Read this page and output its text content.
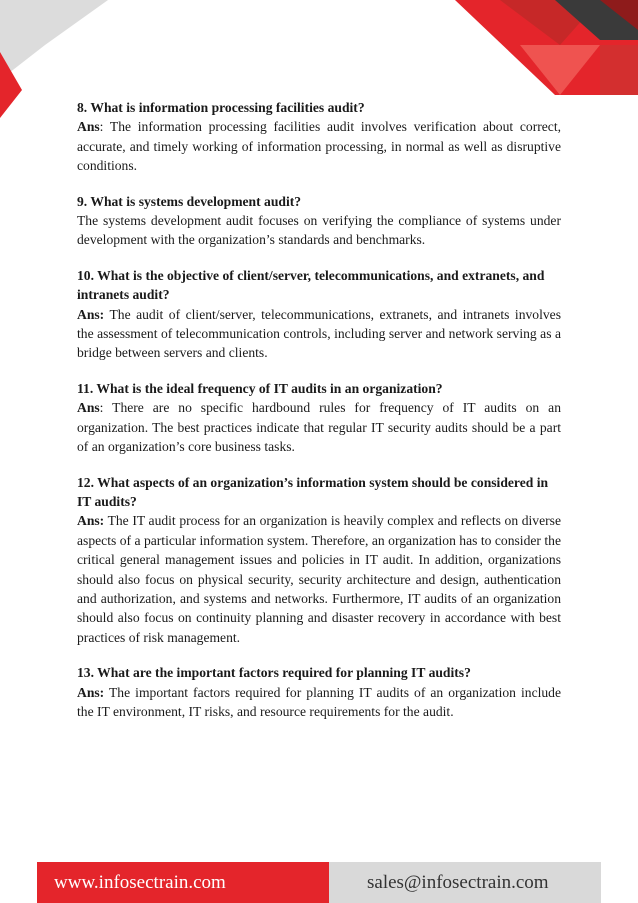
8. What is information processing facilities audit?

Ans: The information processing facilities audit involves verification about correct, accurate, and timely working of information processing, in normal as well as disruptive conditions.

9. What is systems development audit?

The systems development audit focuses on verifying the compliance of systems under development with the organization’s standards and benchmarks.

10. What is the objective of client/server, telecommunications, and extranets, and intranets audit?

Ans: The audit of client/server, telecommunications, extranets, and intranets involves the assessment of telecommunication controls, including server and network serving as a bridge between servers and clients.

11. What is the ideal frequency of IT audits in an organization?

Ans: There are no specific hardbound rules for frequency of IT audits on an organization. The best practices indicate that regular IT security audits should be a part of an organization’s core business tasks.

12. What aspects of an organization’s information system should be considered in IT audits?

Ans: The IT audit process for an organization is heavily complex and reflects on diverse aspects of a particular information system. Therefore, an organization has to consider the critical general management issues and policies in IT audit. In addition, organizations should also focus on physical security, security architecture and design, authentication and authorization, and systems and networks. Furthermore, IT audits of an organization should also focus on continuity planning and disaster recovery in accordance with best practices of risk management.

13. What are the important factors required for planning IT audits?

Ans: The important factors required for planning IT audits of an organization include the IT environment, IT risks, and resource requirements for the audit.

www.infosectrain.com	sales@infosectrain.com
